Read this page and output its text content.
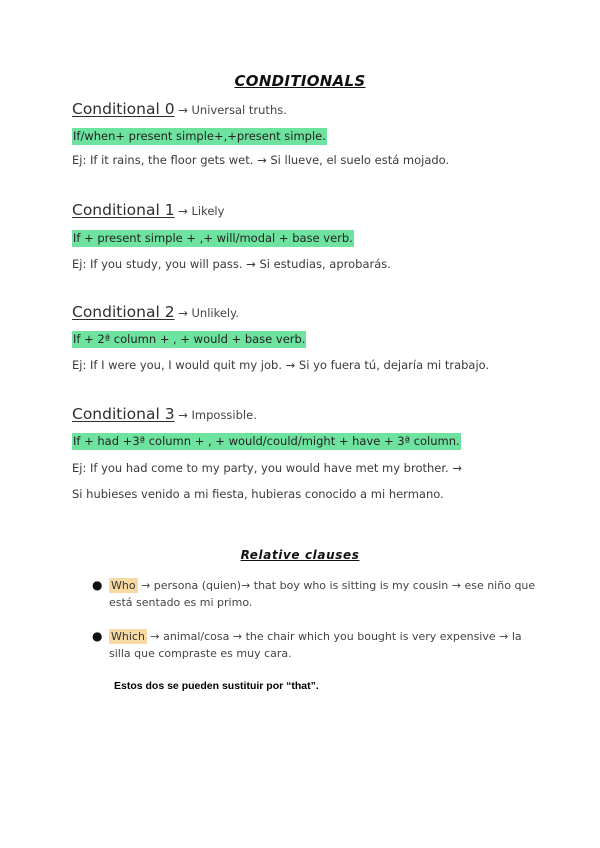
CONDITIONALS
Conditional 0 → Universal truths.
If/when+ present simple+,+present simple.
Ej: If it rains, the floor gets wet. → Si llueve, el suelo está mojado.
Conditional 1 → Likely
If + present simple + ,+ will/modal + base verb.
Ej: If you study, you will pass. → Si estudias, aprobarás.
Conditional 2 → Unlikely.
If + 2ª column + , + would + base verb.
Ej: If I were you, I would quit my job. → Si yo fuera tú, dejaría mi trabajo.
Conditional 3 → Impossible.
If + had +3ª column + , + would/could/might + have + 3ª column.
Ej: If you had come to my party, you would have met my brother. →
Si hubieses venido a mi fiesta, hubieras conocido a mi hermano.
Relative clauses
● Who → persona (quien)→ that boy who is sitting is my cousin → ese niño que está sentado es mi primo.
● Which → animal/cosa → the chair which you bought is very expensive → la silla que compraste es muy cara.
Estos dos se pueden sustituir por “that”.
